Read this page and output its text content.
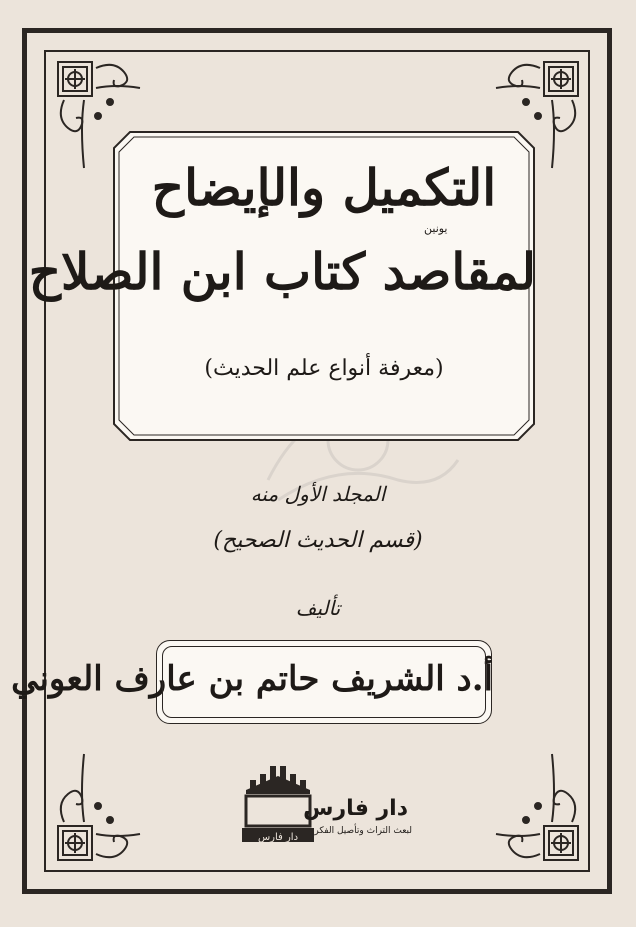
التكميل والإيضاح
يونين
لمقاصد كتاب ابن الصلاح
(معرفة أنواع علم الحديث)
المجلد الأول منه
(قسم الحديث الصحيح)
تأليف
أ.د الشريف حاتم بن عارف العوني
دار فارس
دار فارس
لبعث التراث وتأصيل الفكر
